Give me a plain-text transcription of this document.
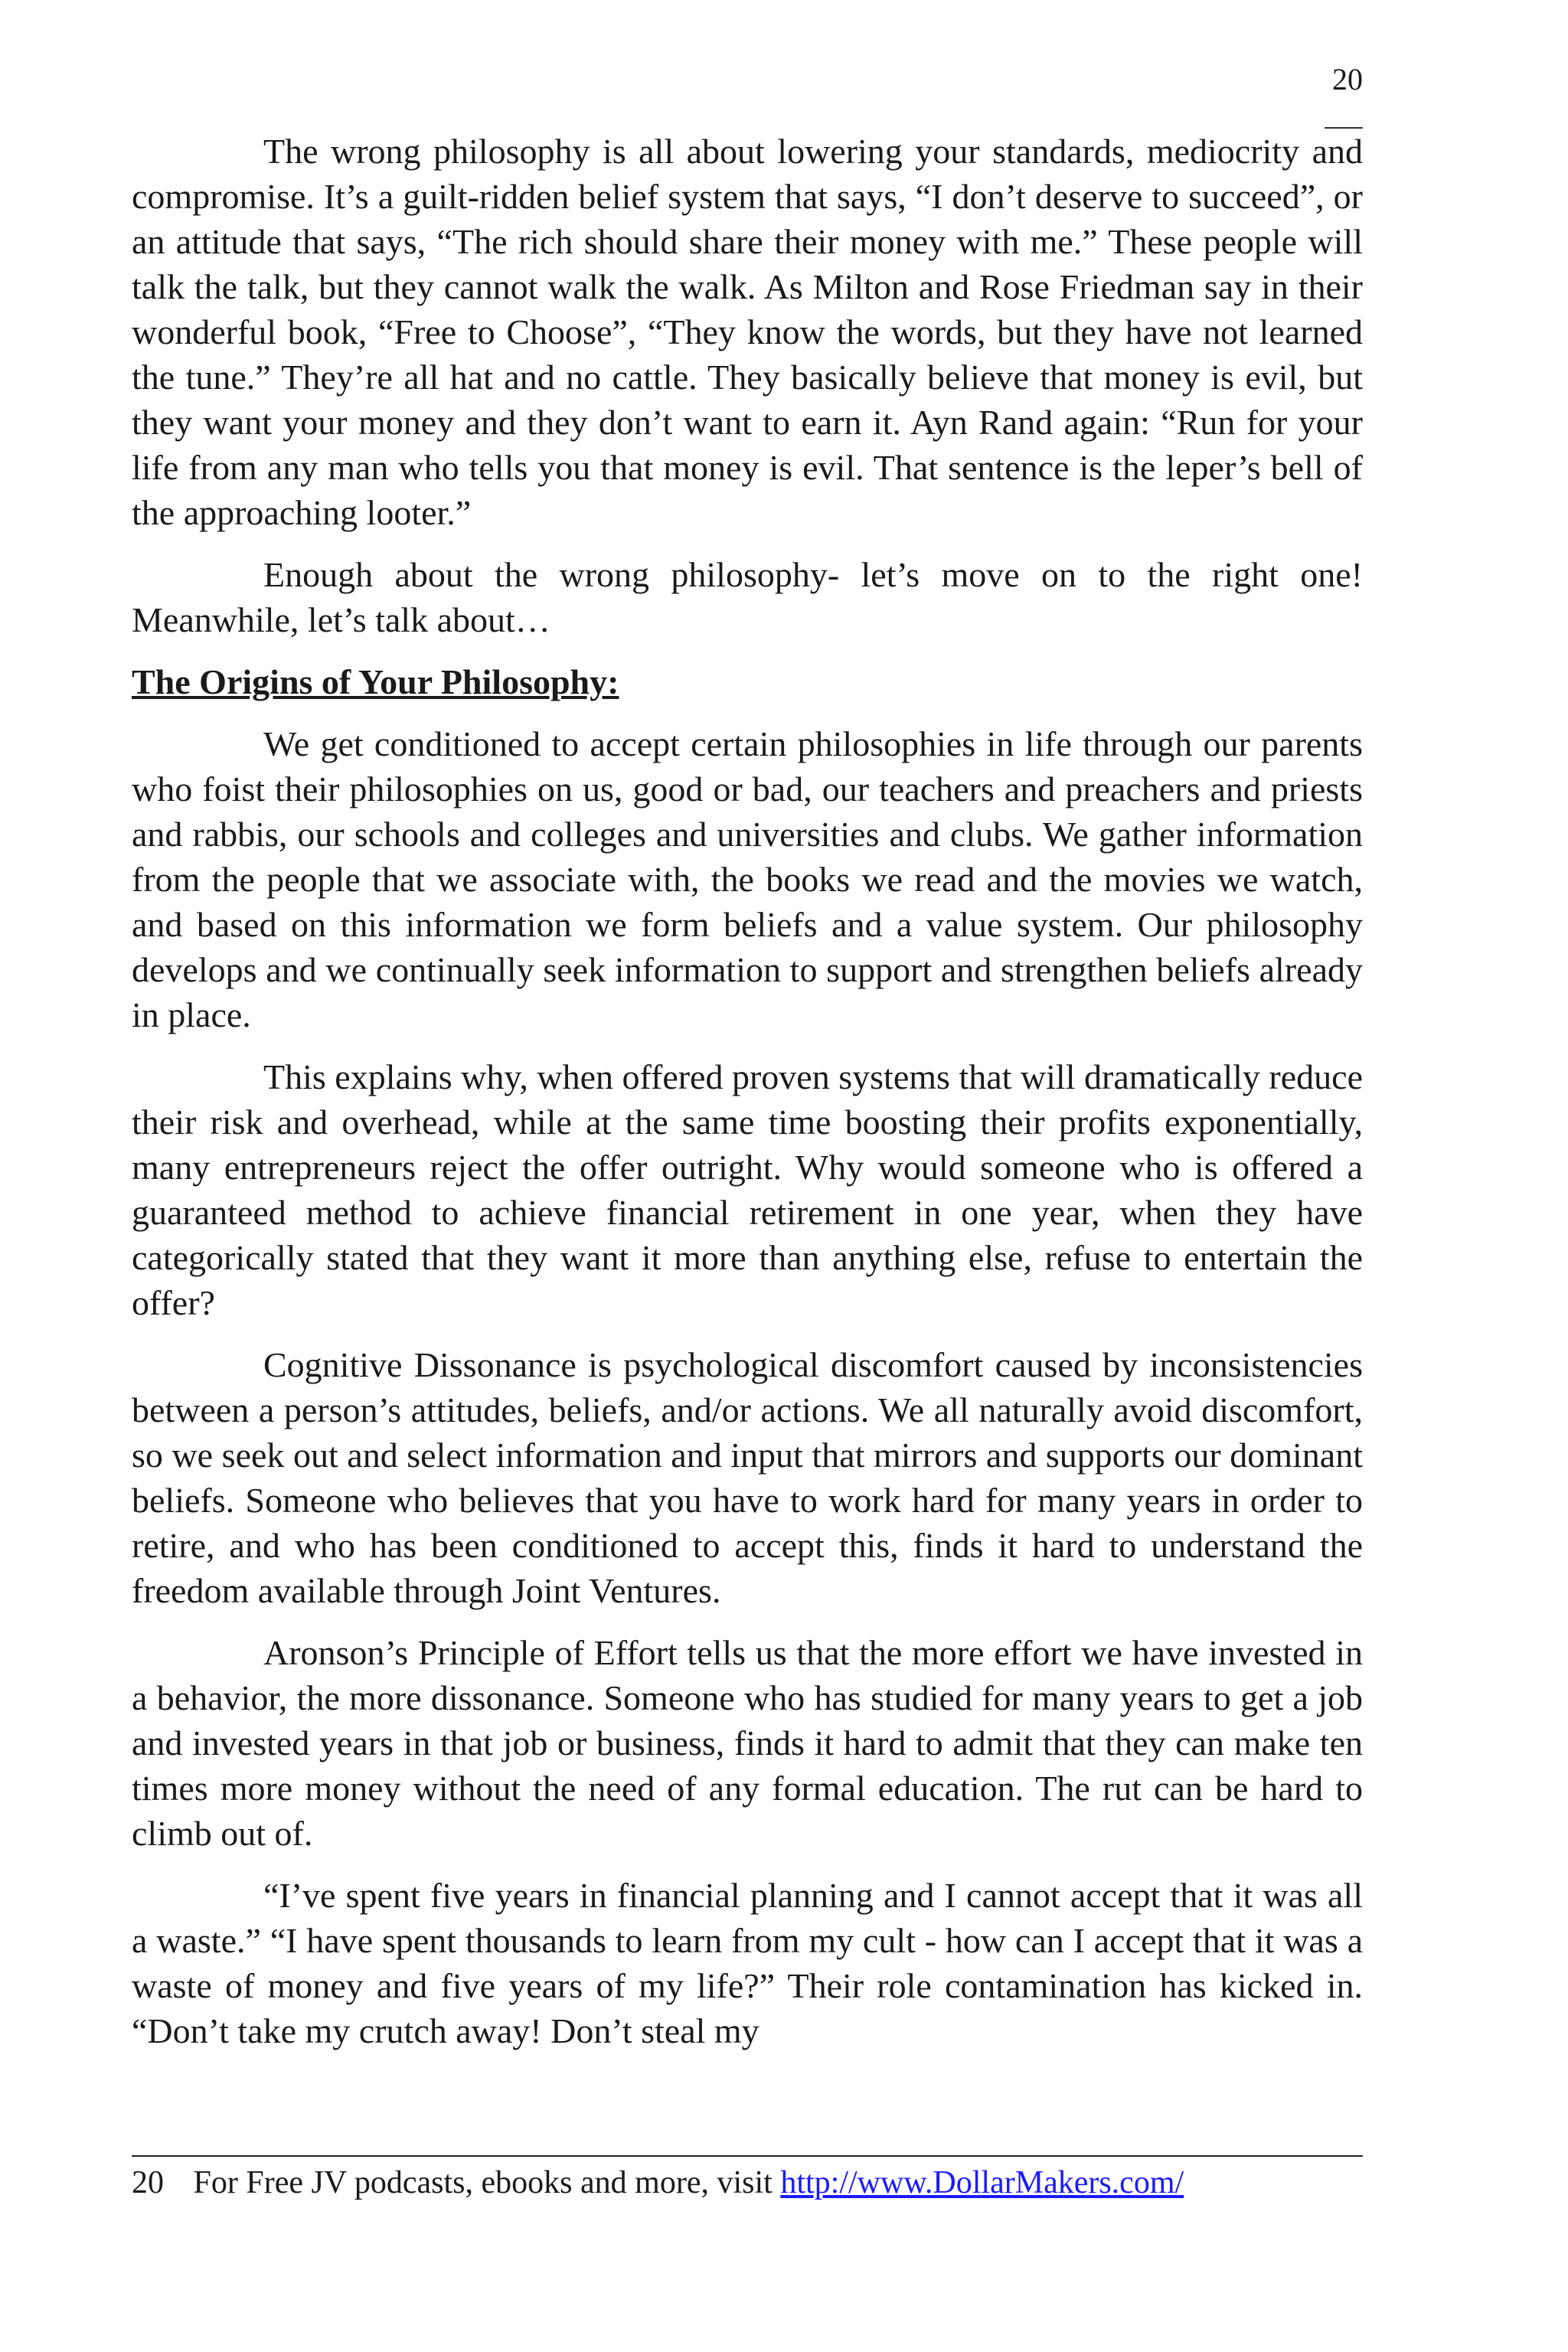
20

The wrong philosophy is all about lowering your standards, mediocrity and compromise. It’s a guilt-ridden belief system that says, “I don’t deserve to succeed”, or an attitude that says, “The rich should share their money with me.” These people will talk the talk, but they cannot walk the walk. As Milton and Rose Friedman say in their wonderful book, “Free to Choose”, “They know the words, but they have not learned the tune.” They’re all hat and no cattle. They basically believe that money is evil, but they want your money and they don’t want to earn it. Ayn Rand again: “Run for your life from any man who tells you that money is evil. That sentence is the leper’s bell of the approaching looter.”

Enough about the wrong philosophy- let’s move on to the right one! Meanwhile, let’s talk about…

The Origins of Your Philosophy:

We get conditioned to accept certain philosophies in life through our parents who foist their philosophies on us, good or bad, our teachers and preachers and priests and rabbis, our schools and colleges and universities and clubs. We gather information from the people that we associate with, the books we read and the movies we watch, and based on this information we form beliefs and a value system. Our philosophy develops and we continually seek information to support and strengthen beliefs already in place.

This explains why, when offered proven systems that will dramatically reduce their risk and overhead, while at the same time boosting their profits exponentially, many entrepreneurs reject the offer outright. Why would someone who is offered a guaranteed method to achieve financial retirement in one year, when they have categorically stated that they want it more than anything else, refuse to entertain the offer?

Cognitive Dissonance is psychological discomfort caused by inconsistencies between a person’s attitudes, beliefs, and/or actions. We all naturally avoid discomfort, so we seek out and select information and input that mirrors and supports our dominant beliefs. Someone who believes that you have to work hard for many years in order to retire, and who has been conditioned to accept this, finds it hard to understand the freedom available through Joint Ventures.

Aronson’s Principle of Effort tells us that the more effort we have invested in a behavior, the more dissonance. Someone who has studied for many years to get a job and invested years in that job or business, finds it hard to admit that they can make ten times more money without the need of any formal education. The rut can be hard to climb out of.

“I’ve spent five years in financial planning and I cannot accept that it was all a waste.” “I have spent thousands to learn from my cult - how can I accept that it was a waste of money and five years of my life?” Their role contamination has kicked in. “Don’t take my crutch away! Don’t steal my

20 For Free JV podcasts, ebooks and more, visit http://www.DollarMakers.com/
